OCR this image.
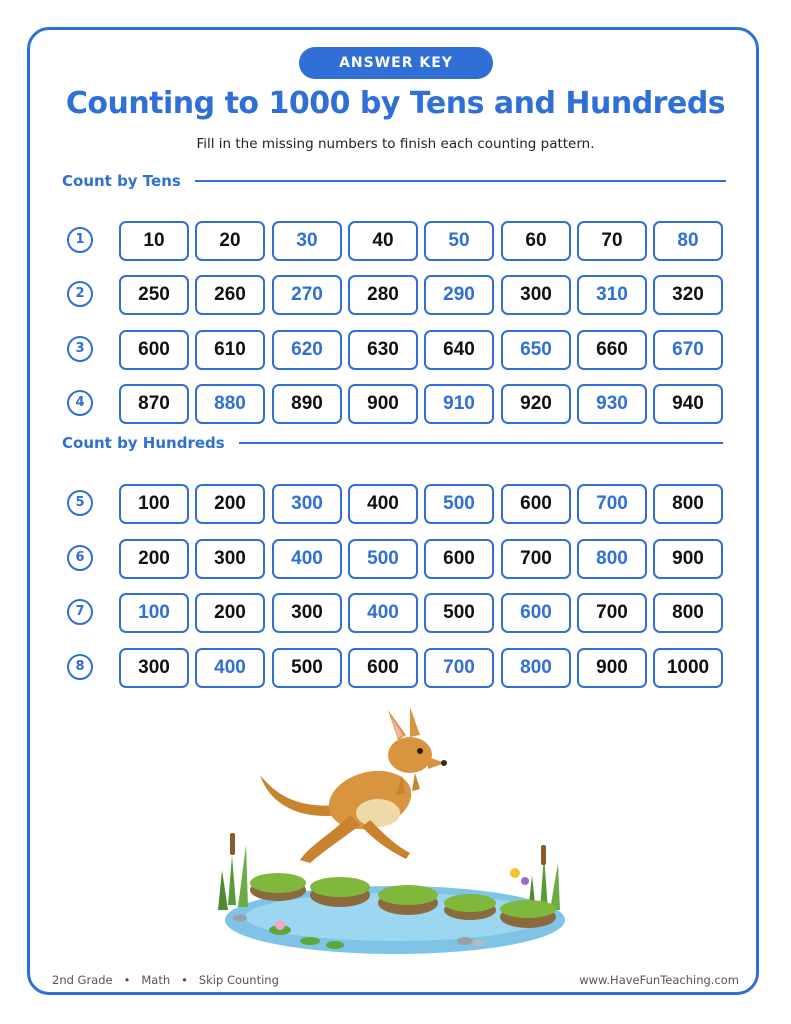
ANSWER KEY
Counting to 1000 by Tens and Hundreds
Fill in the missing numbers to finish each counting pattern.
Count by Tens
Count by Hundreds
1	10	20	30	40	50	60	70	80
2	250	260	270	280	290	300	310	320
3	600	610	620	630	640	650	660	670
4	870	880	890	900	910	920	930	940
5	100	200	300	400	500	600	700	800
6	200	300	400	500	600	700	800	900
7	100	200	300	400	500	600	700	800
8	300	400	500	600	700	800	900	1000
2nd Grade   •   Math   •   Skip Counting	www.HaveFunTeaching.com
